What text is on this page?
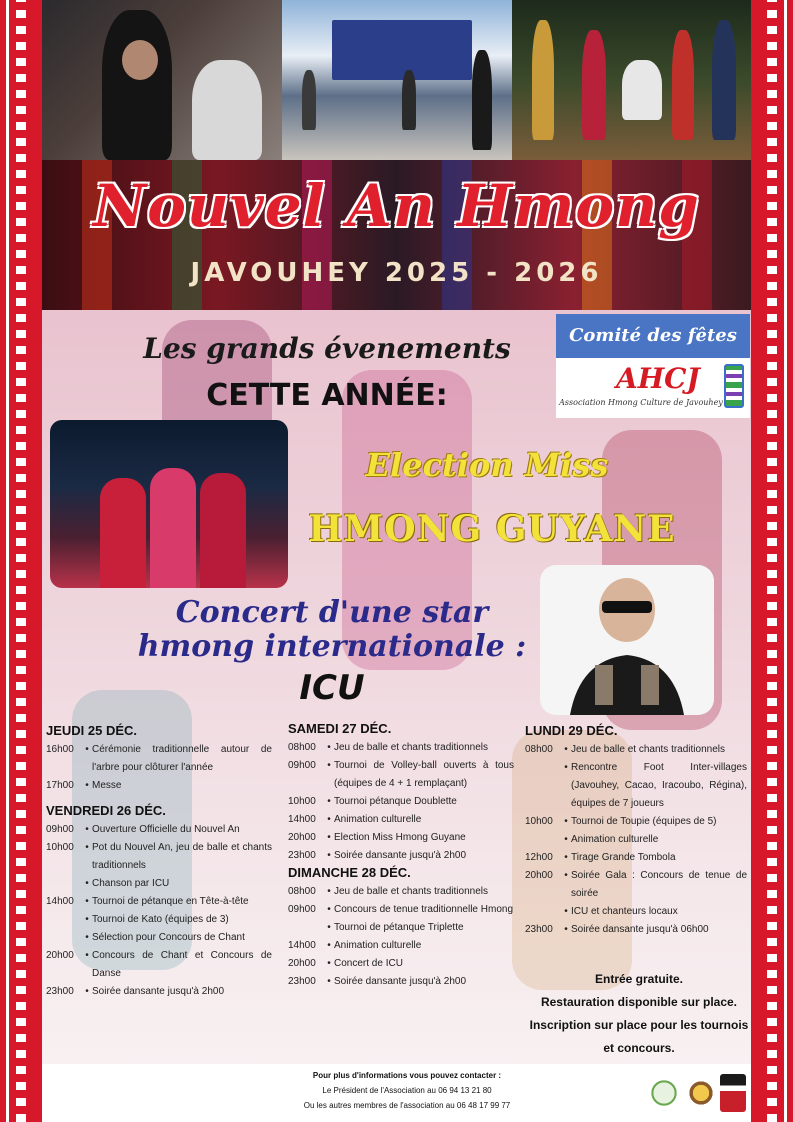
Nouvel An Hmong
JAVOUHEY 2025 - 2026
Les grands évenements
CETTE ANNÉE:
Comité des fêtes
AHCJ
Association Hmong Culture de Javouhey
Election Miss
HMONG GUYANE
Concert d'une star
hmong internationale :
ICU
JEUDI 25 DÉC.
16h00	• Cérémonie traditionnelle autour de l'arbre pour clôturer l'année
17h00	• Messe
VENDREDI 26 DÉC.
09h00	• Ouverture Officielle du Nouvel An
10h00	• Pot du Nouvel An, jeu de balle et chants traditionnels
• Chanson par ICU
14h00	• Tournoi de pétanque en Tête-à-tête
• Tournoi de Kato (équipes de 3)
• Sélection pour Concours de Chant
20h00	• Concours de Chant et Concours de Danse
23h00	• Soirée dansante jusqu'à 2h00
SAMEDI 27 DÉC.
08h00	• Jeu de balle et chants traditionnels
09h00	• Tournoi de Volley-ball ouverts à tous (équipes de 4 + 1 remplaçant)
10h00	• Tournoi pétanque Doublette
14h00	• Animation culturelle
20h00	• Election Miss Hmong Guyane
23h00	• Soirée dansante jusqu'à 2h00
DIMANCHE 28 DÉC.
08h00	• Jeu de balle et chants traditionnels
09h00	• Concours de tenue traditionnelle Hmong
• Tournoi de pétanque Triplette
14h00	• Animation culturelle
20h00	• Concert de ICU
23h00	• Soirée dansante jusqu'à 2h00
LUNDI 29 DÉC.
08h00	• Jeu de balle et chants traditionnels
• Rencontre Foot Inter-villages (Javouhey, Cacao, Iracoubo, Régina), équipes de 7 joueurs
10h00	• Tournoi de Toupie (équipes de 5)
• Animation culturelle
12h00	• Tirage Grande Tombola
20h00	• Soirée Gala : Concours de tenue de soirée
• ICU et chanteurs locaux
23h00	• Soirée dansante jusqu'à 06h00
Entrée gratuite.
Restauration disponible sur place.
Inscription sur place pour les tournois et concours.
Pour plus d'informations vous pouvez contacter :
Le Président de l'Association au 06 94 13 21 80
Ou les autres membres de l'association au 06 48 17 99 77
